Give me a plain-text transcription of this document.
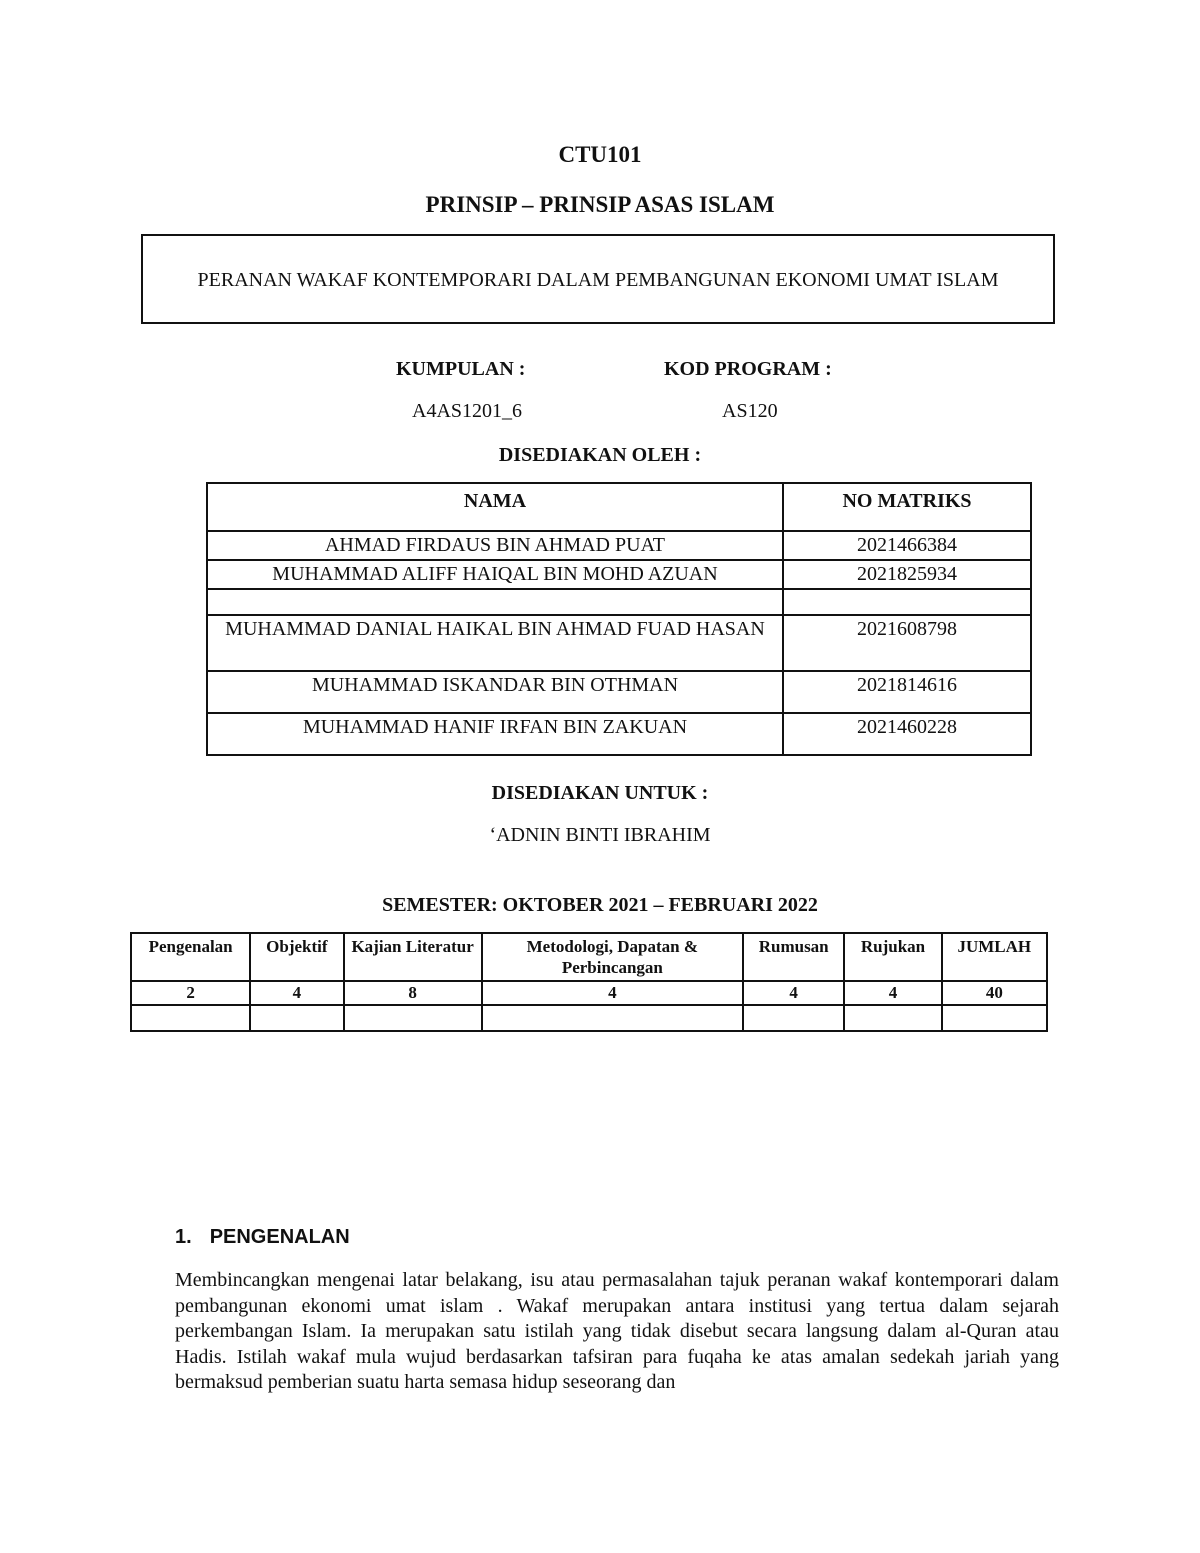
CTU101
PRINSIP – PRINSIP ASAS ISLAM
PERANAN WAKAF KONTEMPORARI DALAM PEMBANGUNAN EKONOMI UMAT ISLAM
KUMPULAN :	KOD PROGRAM :
A4AS1201_6	AS120
DISEDIAKAN OLEH :
NAMA	NO MATRIKS
AHMAD FIRDAUS BIN AHMAD PUAT	2021466384
MUHAMMAD ALIFF HAIQAL BIN MOHD AZUAN	2021825934

MUHAMMAD DANIAL HAIKAL BIN AHMAD FUAD HASAN	2021608798
MUHAMMAD ISKANDAR BIN OTHMAN	2021814616
MUHAMMAD HANIF IRFAN BIN ZAKUAN	2021460228
DISEDIAKAN UNTUK :
‘ADNIN BINTI IBRAHIM
SEMESTER: OKTOBER 2021 – FEBRUARI 2022
Pengenalan	Objektif	Kajian Literatur	Metodologi, Dapatan & Perbincangan	Rumusan	Rujukan	JUMLAH
2	4	8	4	4	4	40

1. PENGENALAN
Membincangkan mengenai latar belakang, isu atau permasalahan tajuk peranan wakaf kontemporari dalam pembangunan ekonomi umat islam . Wakaf merupakan antara institusi yang tertua dalam sejarah perkembangan Islam. Ia merupakan satu istilah yang tidak disebut secara langsung dalam al-Quran atau Hadis. Istilah wakaf mula wujud berdasarkan tafsiran para fuqaha ke atas amalan sedekah jariah yang bermaksud pemberian suatu harta semasa hidup seseorang dan
